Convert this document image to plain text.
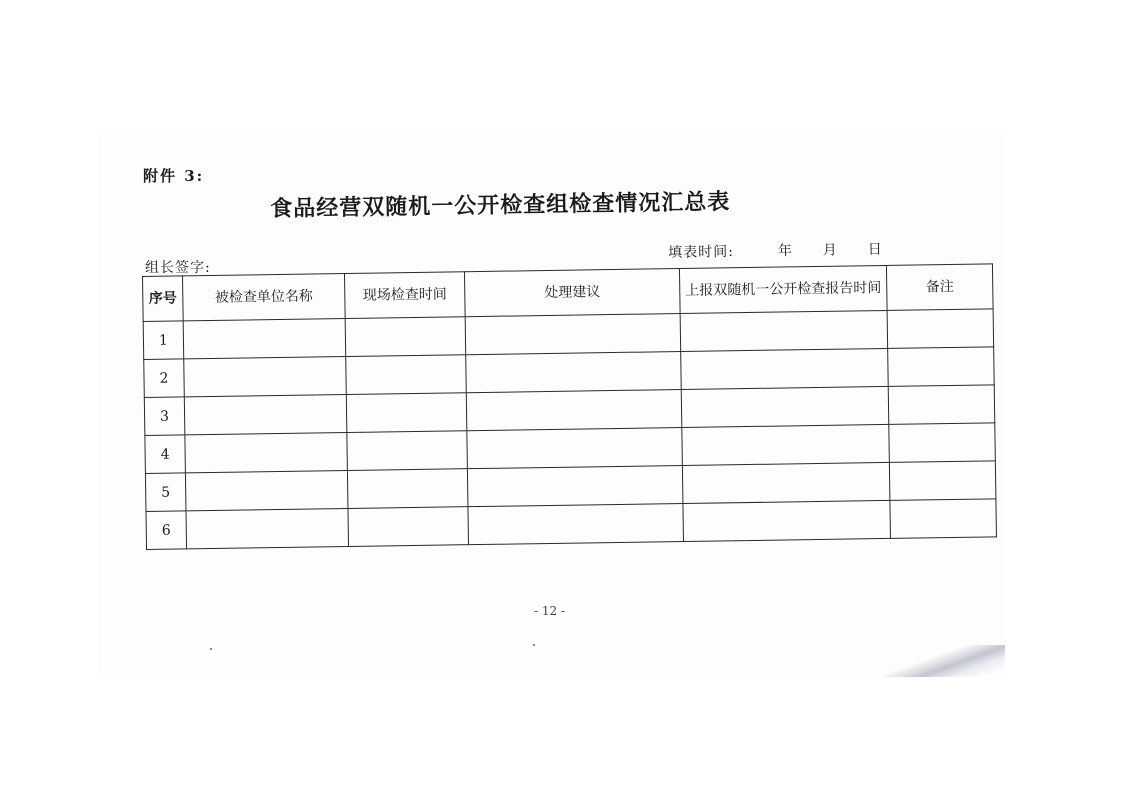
附件 3:
食品经营双随机一公开检查组检查情况汇总表
组长签字:
填表时间:	年 月 日
序号	被检查单位名称	现场检查时间	处理建议	上报双随机一公开检查报告时间	备注
1					
2					
3					
4					
5					
6					
- 12 -
